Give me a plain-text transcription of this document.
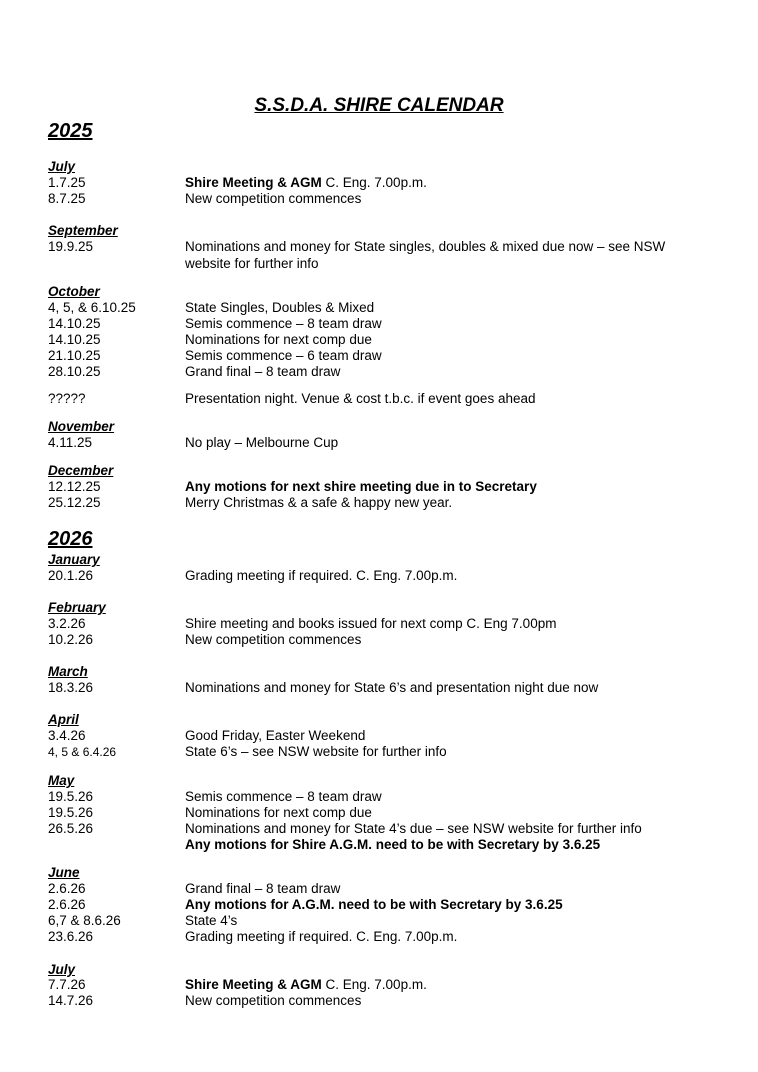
S.S.D.A. SHIRE CALENDAR
2025
July
1.7.25	Shire Meeting & AGM C. Eng. 7.00p.m.
8.7.25	New competition commences
September
19.9.25	Nominations and money for State singles, doubles & mixed due now – see NSW
website for further info
October
4, 5, & 6.10.25	State Singles, Doubles & Mixed
14.10.25	Semis commence – 8 team draw
14.10.25	Nominations for next comp due
21.10.25	Semis commence – 6 team draw
28.10.25	Grand final – 8 team draw
?????	Presentation night. Venue & cost t.b.c. if event goes ahead
November
4.11.25	No play – Melbourne Cup
December
12.12.25	Any motions for next shire meeting due in to Secretary
25.12.25	Merry Christmas & a safe & happy new year.
2026
January
20.1.26	Grading meeting if required. C. Eng. 7.00p.m.
February
3.2.26	Shire meeting and books issued for next comp C. Eng 7.00pm
10.2.26	New competition commences
March
18.3.26	Nominations and money for State 6’s and presentation night due now
April
3.4.26	Good Friday, Easter Weekend
4, 5 & 6.4.26	State 6’s – see NSW website for further info
May
19.5.26	Semis commence – 8 team draw
19.5.26	Nominations for next comp due
26.5.26	Nominations and money for State 4’s due – see NSW website for further info
Any motions for Shire A.G.M. need to be with Secretary by 3.6.25
June
2.6.26	Grand final – 8 team draw
2.6.26	Any motions for A.G.M. need to be with Secretary by 3.6.25
6,7 & 8.6.26	State 4’s
23.6.26	Grading meeting if required. C. Eng. 7.00p.m.
July
7.7.26	Shire Meeting & AGM C. Eng. 7.00p.m.
14.7.26	New competition commences
